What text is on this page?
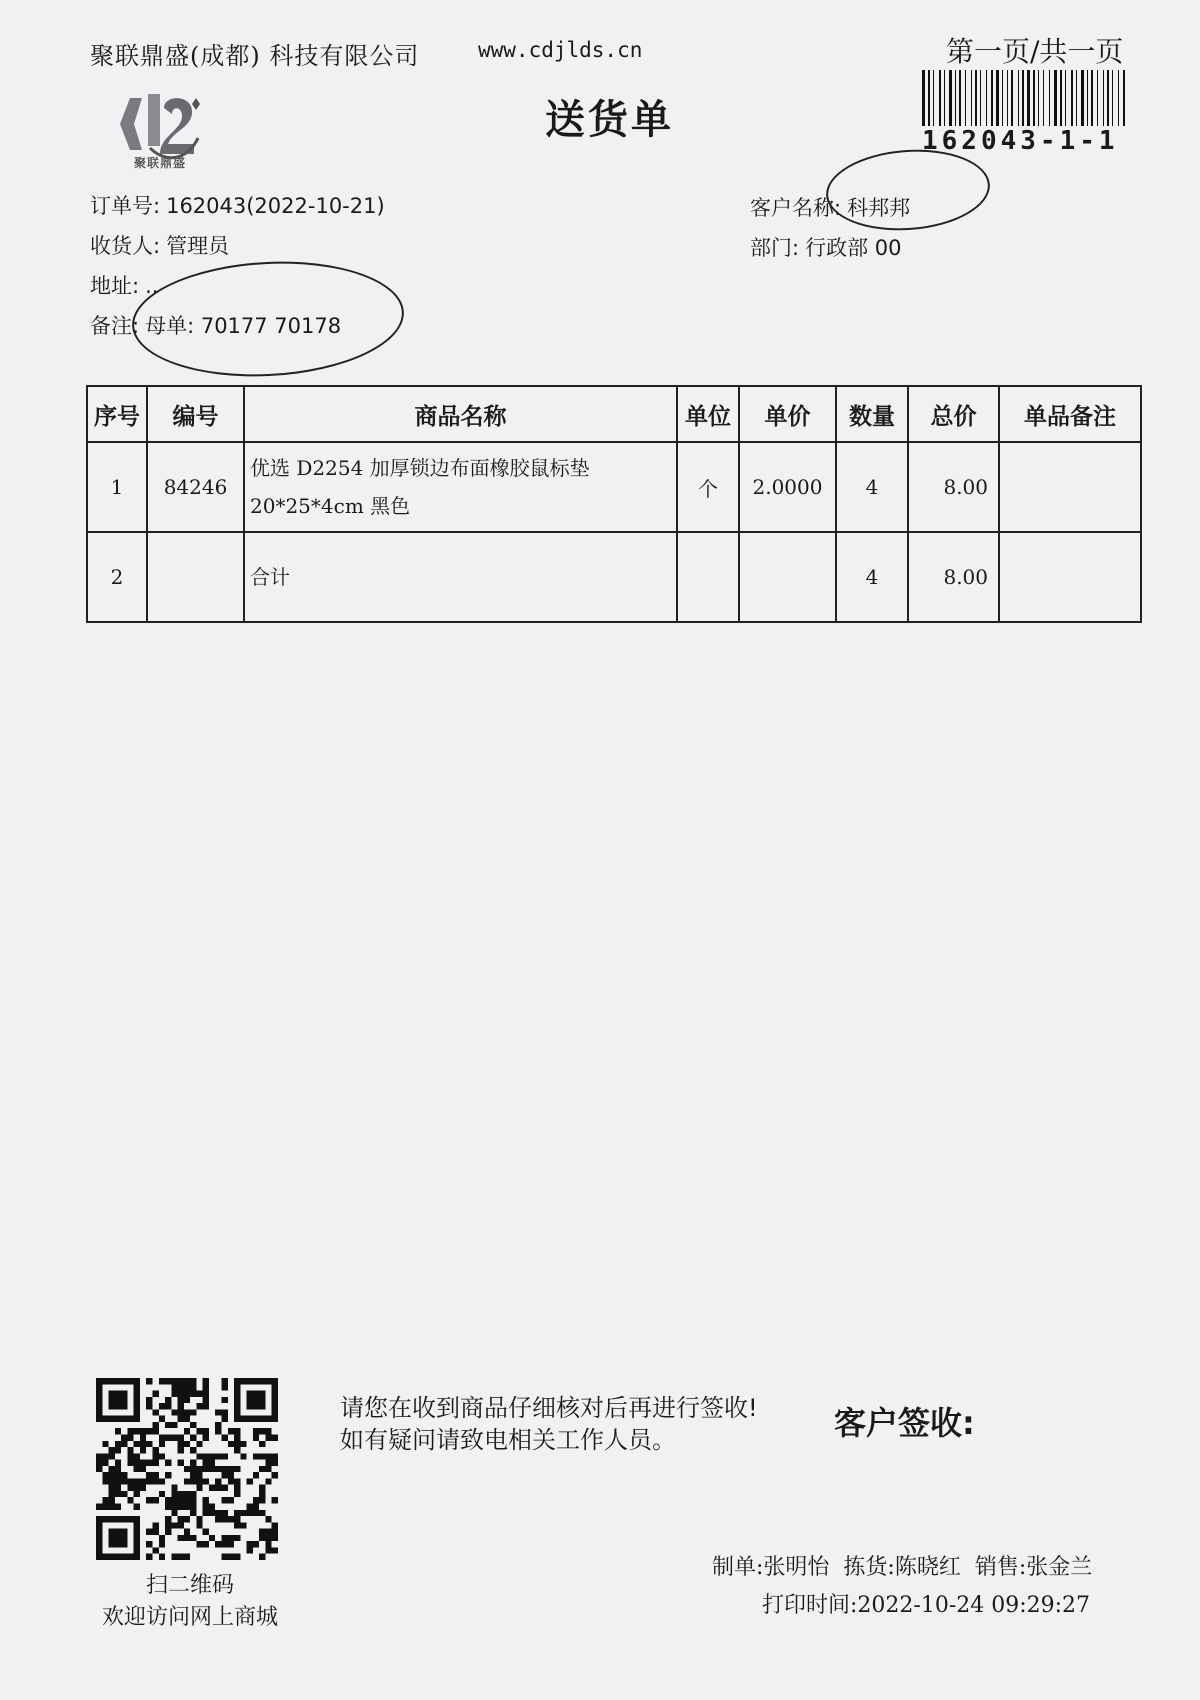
聚联鼎盛(成都) 科技有限公司	www.cdjlds.cn	第一页/共一页
送货单
聚联鼎盛
162043-1-1
订单号: 162043(2022-10-21)
收货人: 管理员
地址: ..
备注: 母单: 70177 70178
客户名称: 科邦邦
部门: 行政部 00
序号	编号	商品名称	单位	单价	数量	总价	单品备注
1	84246	优选 D2254 加厚锁边布面橡胶鼠标垫
20*25*4cm 黑色	个	2.0000	4	8.00	
2		合计			4	8.00	
扫二维码
欢迎访问网上商城
请您在收到商品仔细核对后再进行签收!如有疑问请致电相关工作人员。	客户签收:
制单:张明怡 拣货:陈晓红 销售:张金兰
打印时间:2022-10-24 09:29:27
